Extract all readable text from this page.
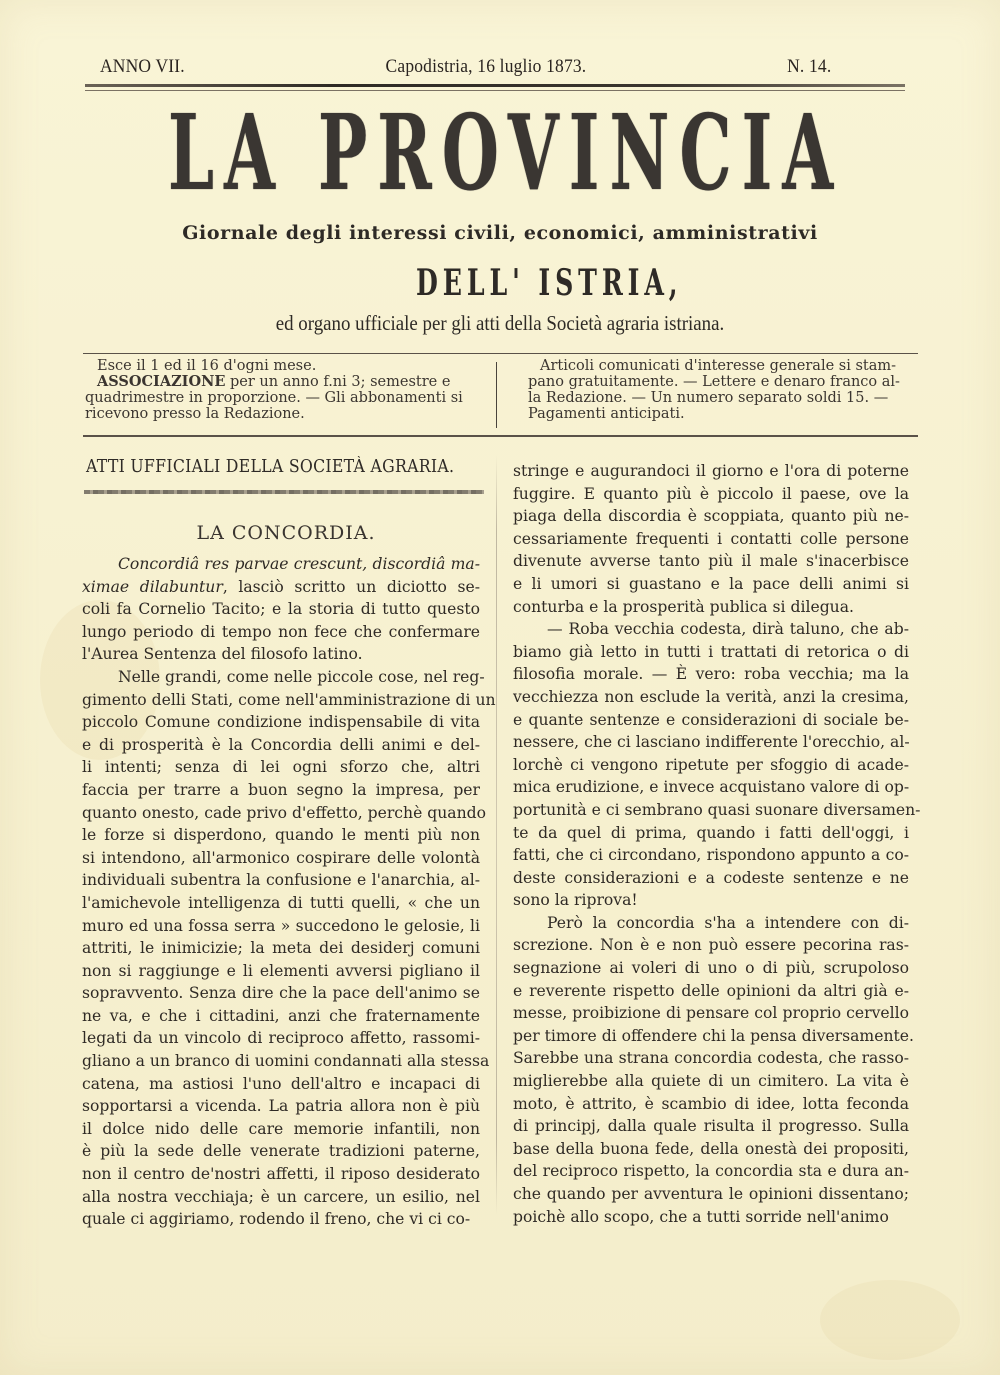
ANNO VII.	Capodistria, 16 luglio 1873.	N. 14.
LA PROVINCIA
Giornale degli interessi civili, economici, amministrativi
DELL' ISTRIA,
ed organo ufficiale per gli atti della Società agraria istriana.

Esce il 1 ed il 16 d'ogni mese.

ASSOCIAZIONE per un anno f.ni 3; semestre e

quadrimestre in proporzione. — Gli abbonamenti si

ricevono presso la Redazione.

Articoli comunicati d'interesse generale si stam-

pano gratuitamente. — Lettere e denaro franco al-

la Redazione. — Un numero separato soldi 15. —

Pagamenti anticipati.

ATTI UFFICIALI DELLA SOCIETÀ AGRARIA.
LA CONCORDIA.
Concordiâ res parvae crescunt, discordiâ ma-
ximae dilabuntur, lasciò scritto un diciotto se-
coli fa Cornelio Tacito; e la storia di tutto questo
lungo periodo di tempo non fece che confermare
l'Aurea Sentenza del filosofo latino.
Nelle grandi, come nelle piccole cose, nel reg-
gimento delli Stati, come nell'amministrazione di un
piccolo Comune condizione indispensabile di vita
e di prosperità è la Concordia delli animi e del-
li intenti; senza di lei ogni sforzo che, altri
faccia per trarre a buon segno la impresa, per
quanto onesto, cade privo d'effetto, perchè quando
le forze si disperdono, quando le menti più non
si intendono, all'armonico cospirare delle volontà
individuali subentra la confusione e l'anarchia, al-
l'amichevole intelligenza di tutti quelli, « che un
muro ed una fossa serra » succedono le gelosie, li
attriti, le inimicizie; la meta dei desiderj comuni
non si raggiunge e li elementi avversi pigliano il
sopravvento. Senza dire che la pace dell'animo se
ne va, e che i cittadini, anzi che fraternamente
legati da un vincolo di reciproco affetto, rassomi-
gliano a un branco di uomini condannati alla stessa
catena, ma astiosi l'uno dell'altro e incapaci di
sopportarsi a vicenda. La patria allora non è più
il dolce nido delle care memorie infantili, non
è più la sede delle venerate tradizioni paterne,
non il centro de'nostri affetti, il riposo desiderato
alla nostra vecchiaja; è un carcere, un esilio, nel
quale ci aggiriamo, rodendo il freno, che vi ci co-
stringe e augurandoci il giorno e l'ora di poterne
fuggire. E quanto più è piccolo il paese, ove la
piaga della discordia è scoppiata, quanto più ne-
cessariamente frequenti i contatti colle persone
divenute avverse tanto più il male s'inacerbisce
e li umori si guastano e la pace delli animi si
conturba e la prosperità publica si dilegua.
— Roba vecchia codesta, dirà taluno, che ab-
biamo già letto in tutti i trattati di retorica o di
filosofia morale. — È vero: roba vecchia; ma la
vecchiezza non esclude la verità, anzi la cresima,
e quante sentenze e considerazioni di sociale be-
nessere, che ci lasciano indifferente l'orecchio, al-
lorchè ci vengono ripetute per sfoggio di acade-
mica erudizione, e invece acquistano valore di op-
portunità e ci sembrano quasi suonare diversamen-
te da quel di prima, quando i fatti dell'oggi, i
fatti, che ci circondano, rispondono appunto a co-
deste considerazioni e a codeste sentenze e ne
sono la riprova!
Però la concordia s'ha a intendere con di-
screzione. Non è e non può essere pecorina ras-
segnazione ai voleri di uno o di più, scrupoloso
e reverente rispetto delle opinioni da altri già e-
messe, proibizione di pensare col proprio cervello
per timore di offendere chi la pensa diversamente.
Sarebbe una strana concordia codesta, che rasso-
miglierebbe alla quiete di un cimitero. La vita è
moto, è attrito, è scambio di idee, lotta feconda
di principj, dalla quale risulta il progresso. Sulla
base della buona fede, della onestà dei propositi,
del reciproco rispetto, la concordia sta e dura an-
che quando per avventura le opinioni dissentano;
poichè allo scopo, che a tutti sorride nell'animo
